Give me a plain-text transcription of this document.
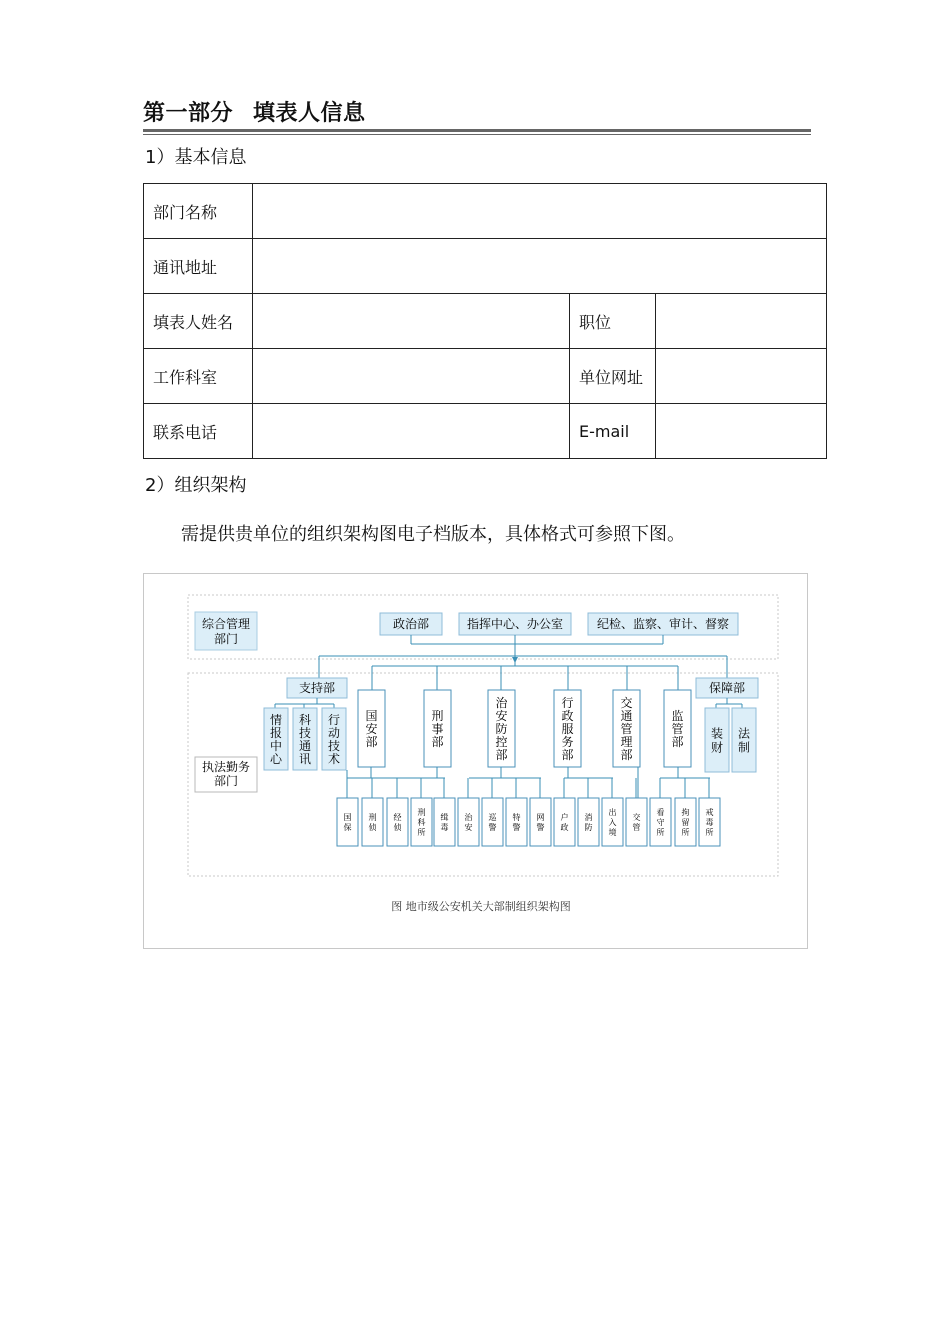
第一部分 填表人信息
1）基本信息
部门名称			
通讯地址			
填表人姓名		职位	
工作科室		单位网址	
联系电话		E-mail	
2）组织架构
需提供贵单位的组织架构图电子档版本，具体格式可参照下图。
综合管理
部门
执法勤务
部门
政治部	指挥中心、办公室	纪检、监察、审计、督察
支持部
情报中心
科技通讯
行动技术
保障部
装财
法制
国安部
刑事部
治安防控部
行政服务部
交通管理部
监管部
国保
刑侦
经侦
刑科所
缉毒
治安
巡警
特警
网警
户政
消防
出入境
交管
看守所
拘留所
戒毒所
图 地市级公安机关大部制组织架构图
